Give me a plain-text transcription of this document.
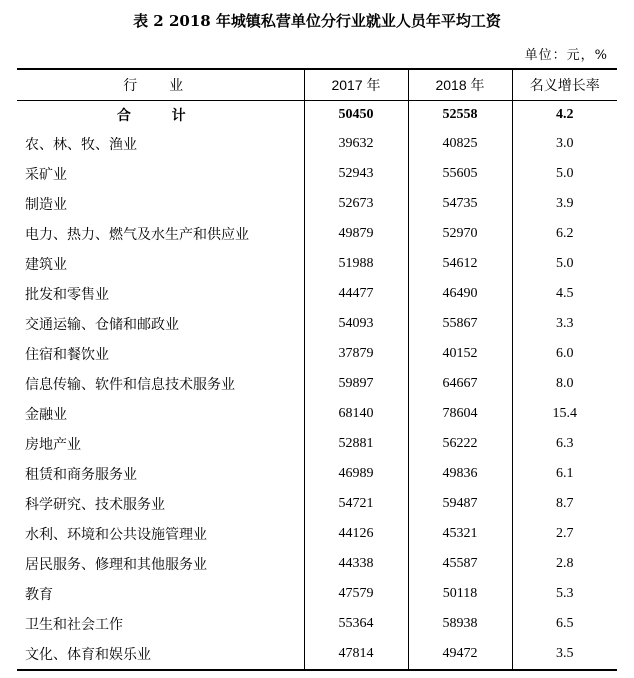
表 2 2018 年城镇私营单位分行业就业人员年平均工资
单位：元，%
行 业	2017 年	2018 年	名义增长率
合 计	50450	52558	4.2
农、林、牧、渔业	39632	40825	3.0
采矿业	52943	55605	5.0
制造业	52673	54735	3.9
电力、热力、燃气及水生产和供应业	49879	52970	6.2
建筑业	51988	54612	5.0
批发和零售业	44477	46490	4.5
交通运输、仓储和邮政业	54093	55867	3.3
住宿和餐饮业	37879	40152	6.0
信息传输、软件和信息技术服务业	59897	64667	8.0
金融业	68140	78604	15.4
房地产业	52881	56222	6.3
租赁和商务服务业	46989	49836	6.1
科学研究、技术服务业	54721	59487	8.7
水利、环境和公共设施管理业	44126	45321	2.7
居民服务、修理和其他服务业	44338	45587	2.8
教育	47579	50118	5.3
卫生和社会工作	55364	58938	6.5
文化、体育和娱乐业	47814	49472	3.5
